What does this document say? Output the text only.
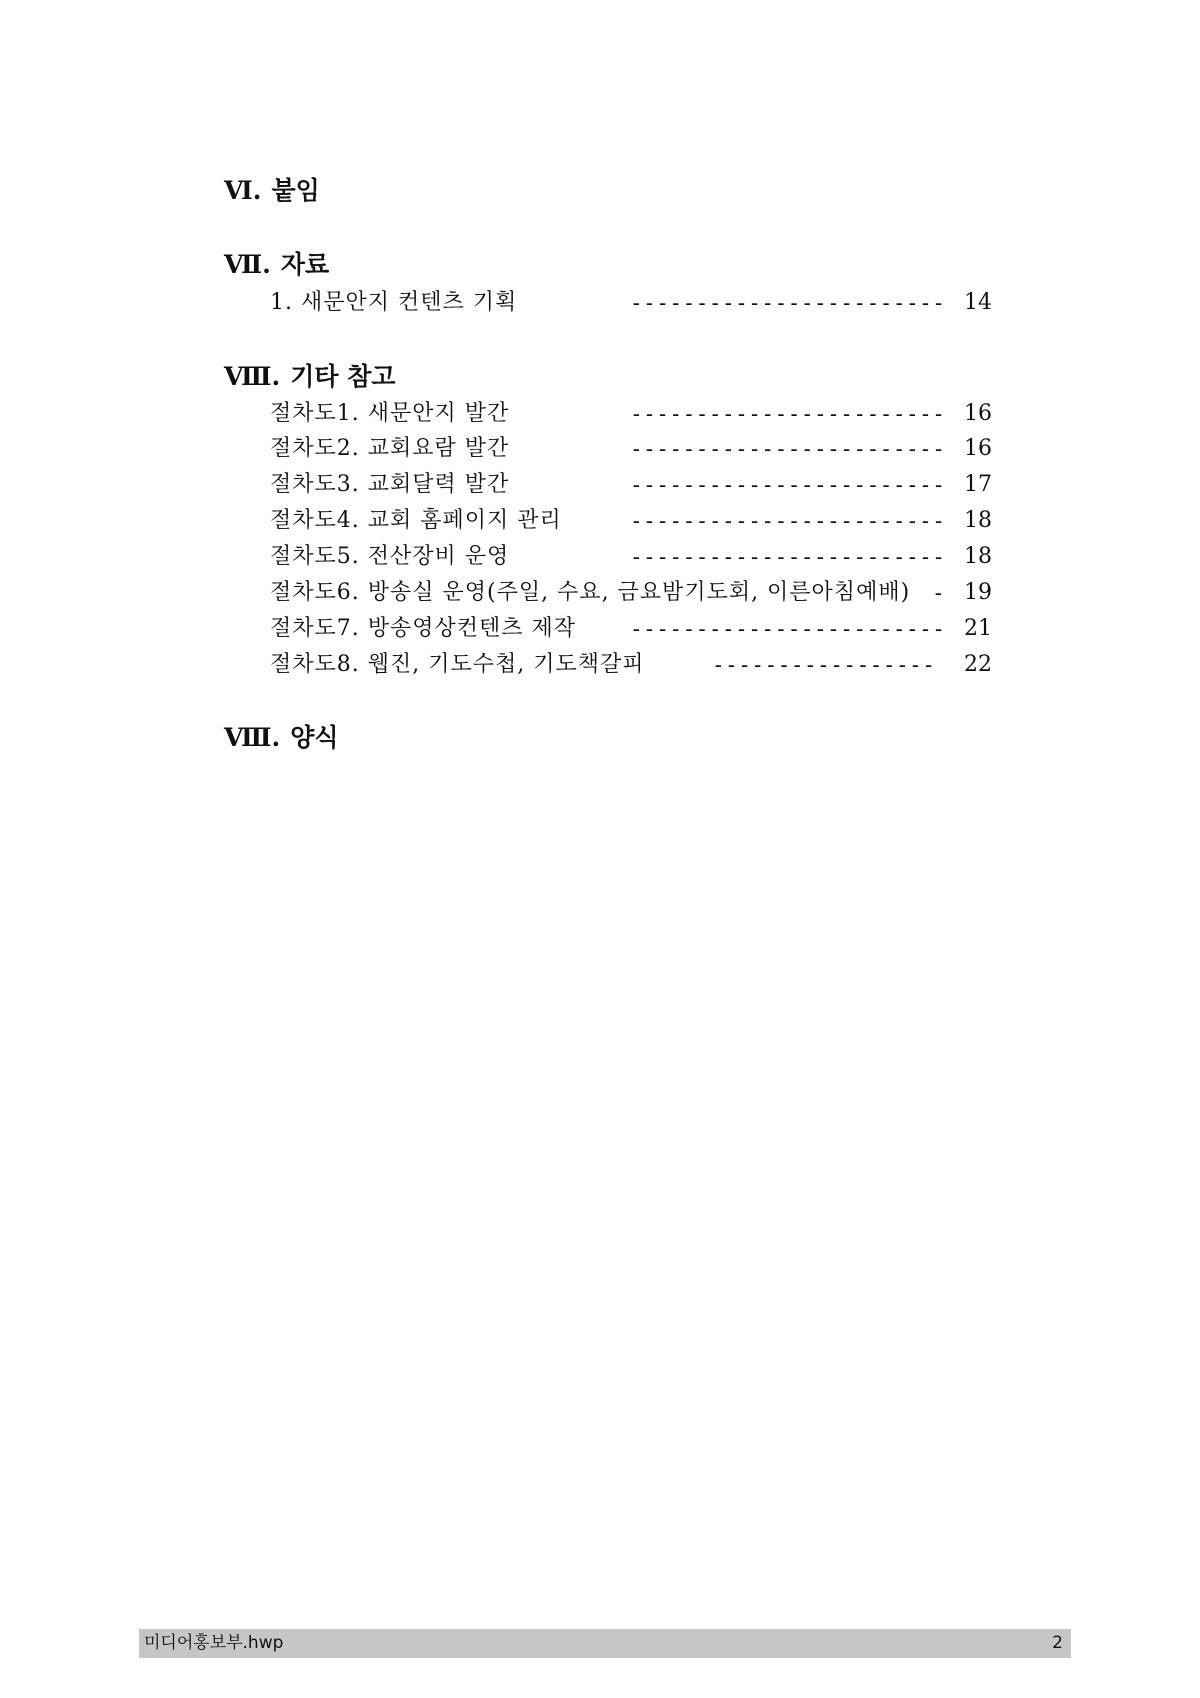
Ⅵ. 붙임
Ⅶ. 자료
1. 새문안지 컨텐츠 기획	------------------------ 14
Ⅷ. 기타 참고
절차도1. 새문안지 발간	------------------------ 16
절차도2. 교회요람 발간	------------------------ 16
절차도3. 교회달력 발간	------------------------ 17
절차도4. 교회 홈페이지 관리	------------------------ 18
절차도5. 전산장비 운영	------------------------ 18
절차도6. 방송실 운영(주일, 수요, 금요밤기도회, 이른아침예배) - 19
절차도7. 방송영상컨텐츠 제작	------------------------ 21
절차도8. 웹진, 기도수첩, 기도책갈피	----------------- 22
Ⅷ. 양식
미디어홍보부.hwp	2
